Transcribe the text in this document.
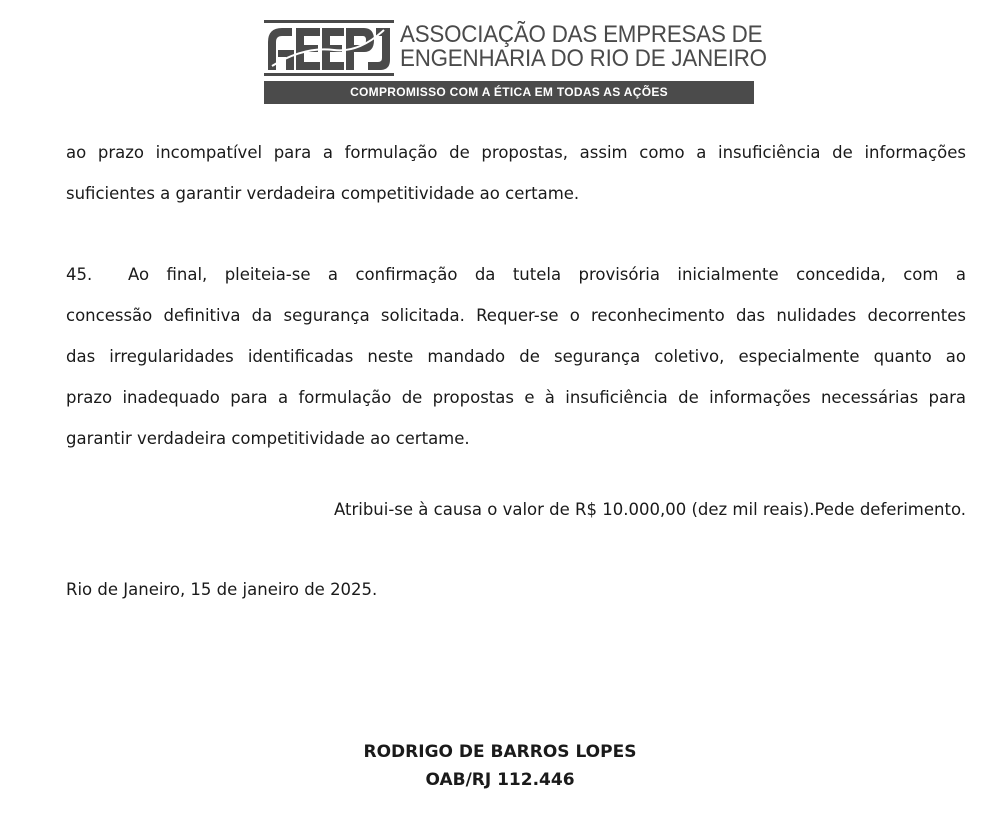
ASSOCIAÇÃO DAS EMPRESAS DE
ENGENHARIA DO RIO DE JANEIRO
COMPROMISSO COM A ÉTICA EM TODAS AS AÇÕES
ao prazo incompatível para a formulação de propostas, assim como a insuficiência de informações
suficientes a garantir verdadeira competitividade ao certame.
45. Ao final, pleiteia-se a confirmação da tutela provisória inicialmente concedida, com a
concessão definitiva da segurança solicitada. Requer-se o reconhecimento das nulidades decorrentes
das irregularidades identificadas neste mandado de segurança coletivo, especialmente quanto ao
prazo inadequado para a formulação de propostas e à insuficiência de informações necessárias para
garantir verdadeira competitividade ao certame.
Atribui-se à causa o valor de R$ 10.000,00 (dez mil reais).Pede deferimento.
Rio de Janeiro, 15 de janeiro de 2025.
RODRIGO DE BARROS LOPES
OAB/RJ 112.446
